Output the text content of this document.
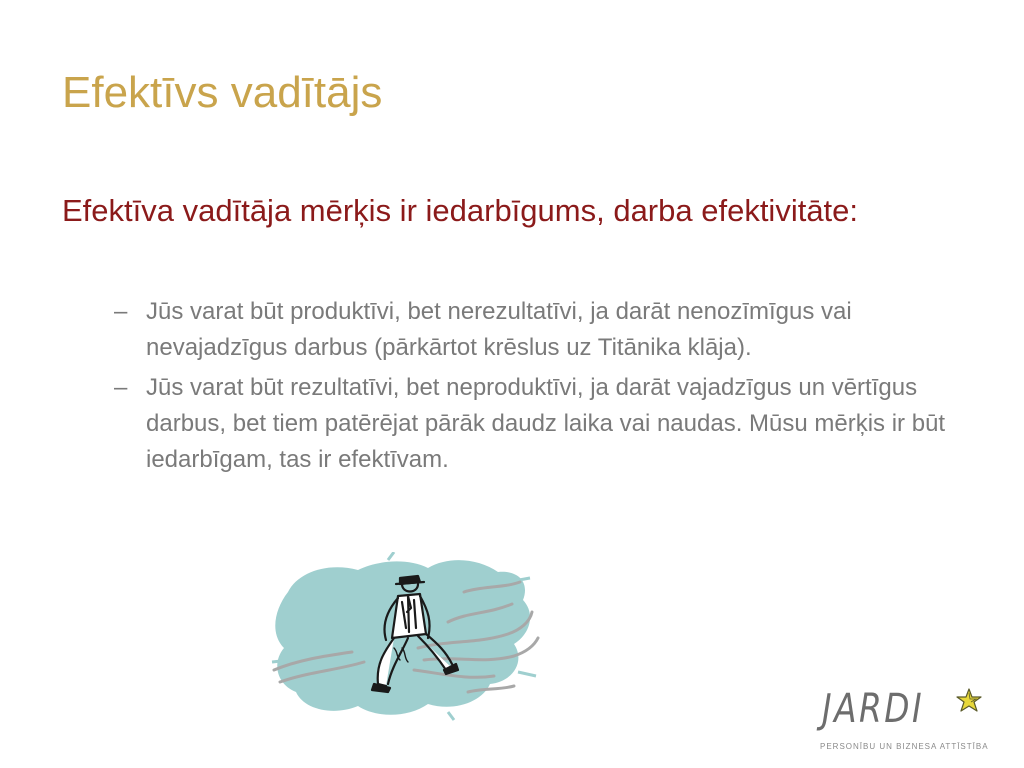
Efektīvs vadītājs
Efektīva vadītāja mērķis ir iedarbīgums, darba efektivitāte:
– Jūs varat būt produktīvi, bet nerezultatīvi, ja darāt nenozīmīgus vai nevajadzīgus darbus (pārkārtot krēslus uz Titānika klāja).
– Jūs varat būt rezultatīvi, bet neproduktīvi, ja darāt vajadzīgus un vērtīgus darbus, bet tiem patērējat pārāk daudz laika vai naudas. Mūsu mērķis ir būt iedarbīgam, tas ir efektīvam.
JARDI
PERSONĪBU UN BIZNESA ATTĪSTĪBA
